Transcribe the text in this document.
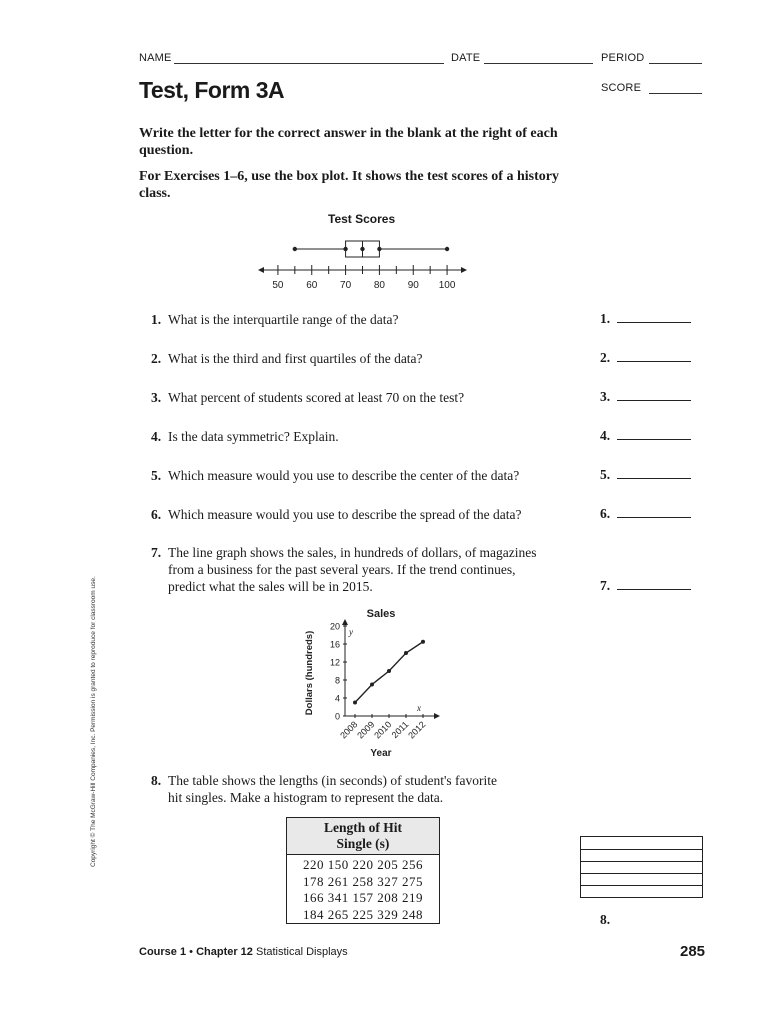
NAME	DATE	PERIOD
Test, Form 3A	SCORE
Write the letter for the correct answer in the blank at the right of each question.
For Exercises 1–6, use the box plot. It shows the test scores of a history class.
Test Scores
50 60 70 80 90 100
1. What is the interquartile range of the data?	1.
2. What is the third and first quartiles of the data?	2.
3. What percent of students scored at least 70 on the test?	3.
4. Is the data symmetric? Explain.	4.
5. Which measure would you use to describe the center of the data?	5.
6. Which measure would you use to describe the spread of the data?	6.
7. The line graph shows the sales, in hundreds of dollars, of magazines
from a business for the past several years. If the trend continues,
predict what the sales will be in 2015.	7.
Sales
y
x
0
4
8
12
16
20
2008
2009
2010
2011
2012
Year
Dollars (hundreds)
8. The table shows the lengths (in seconds) of student's favorite
hit singles. Make a histogram to represent the data.
Length of Hit
Single (s)

220 150 220 205 256
178 261 258 327 275
166 341 157 208 219
184 265 225 329 248	8.
Copyright © The McGraw-Hill Companies, Inc. Permission is granted to reproduce for classroom use.
Course 1 • Chapter 12 Statistical Displays	285
